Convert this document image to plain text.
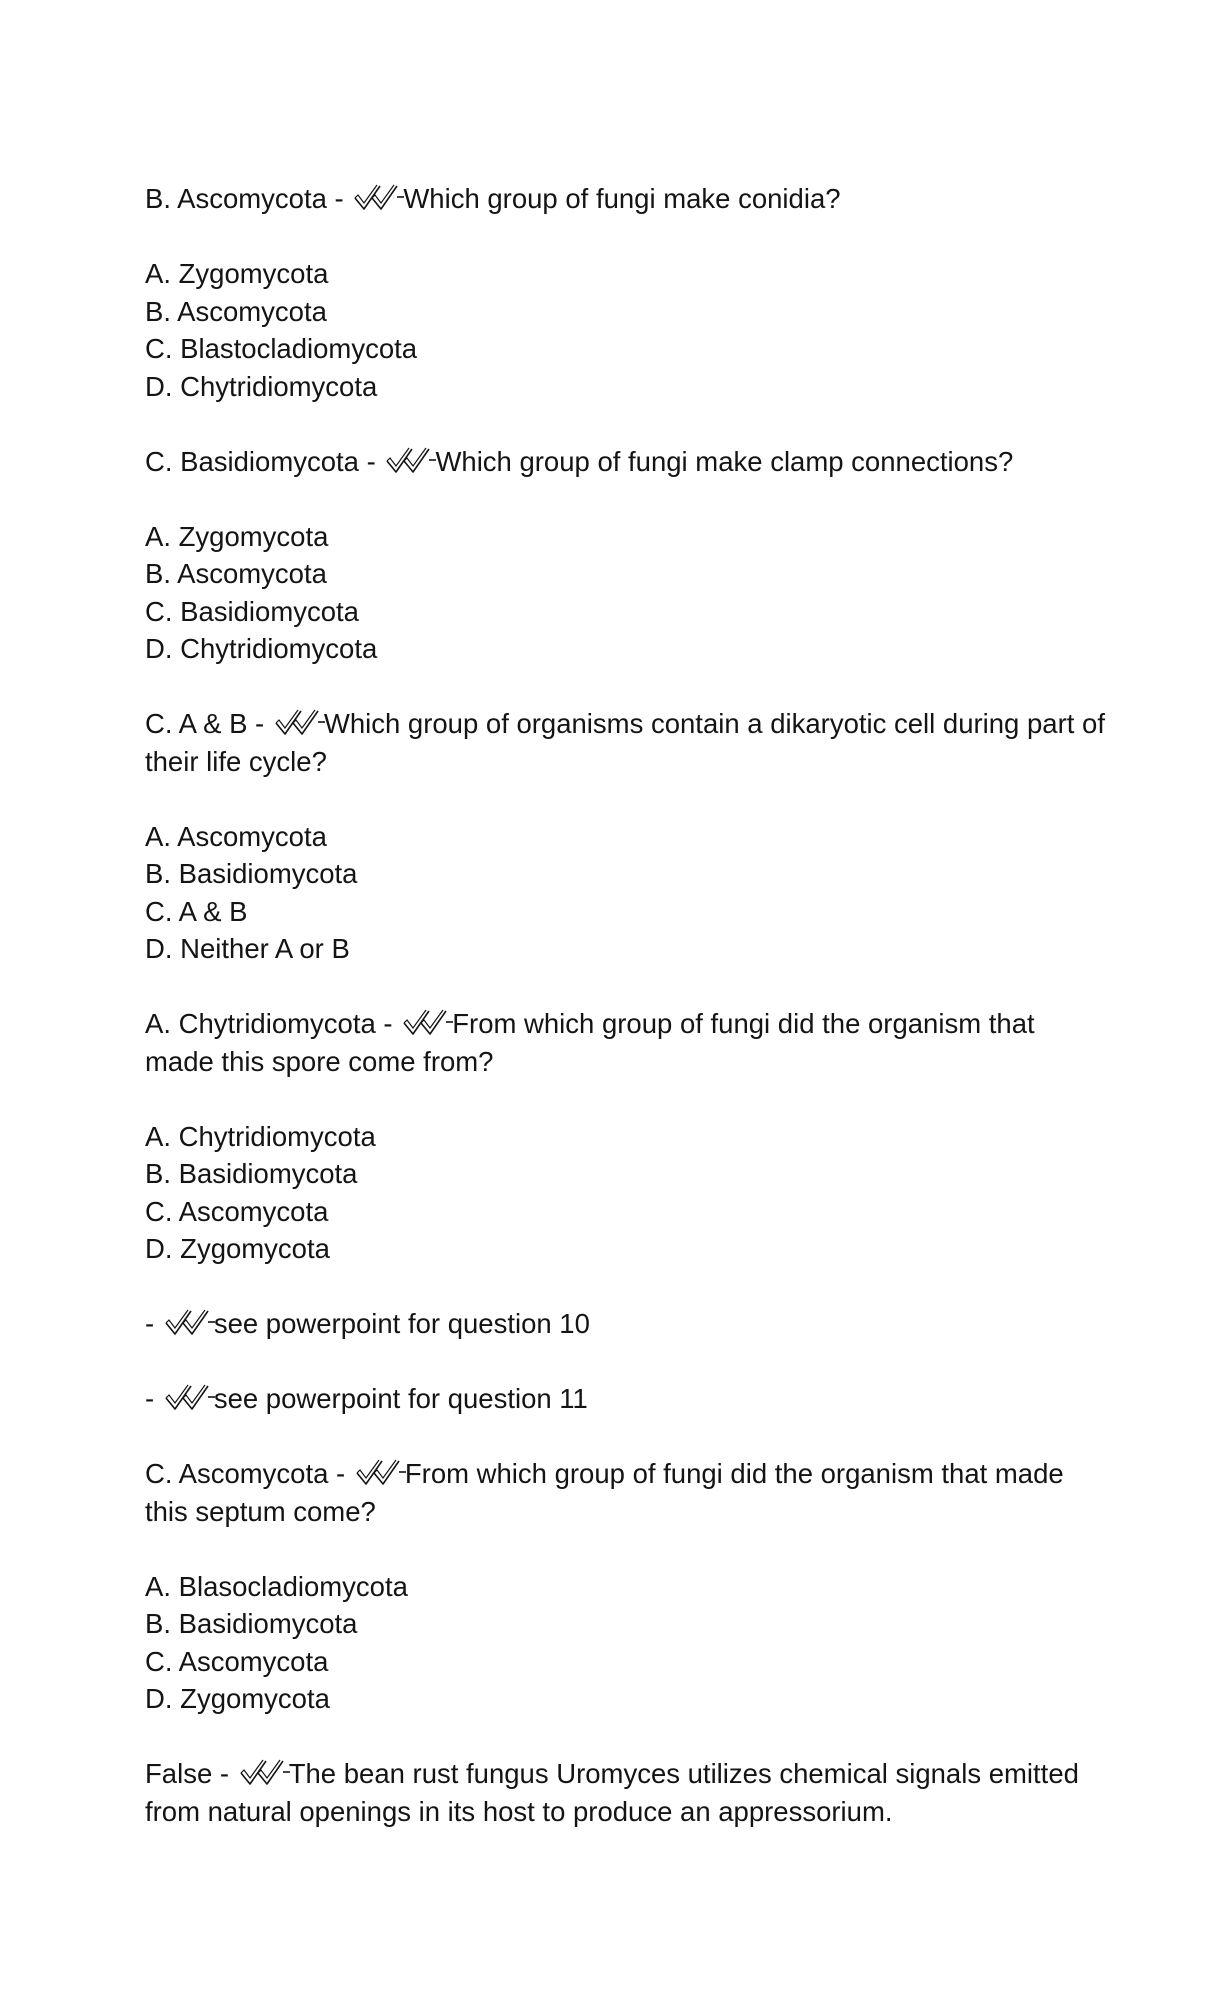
B. Ascomycota -
Which group of fungi make conidia?
A. Zygomycota
B. Ascomycota
C. Blastocladiomycota
D. Chytridiomycota
C. Basidiomycota -
Which group of fungi make clamp connections?
A. Zygomycota
B. Ascomycota
C. Basidiomycota
D. Chytridiomycota
C. A & B -
Which group of organisms contain a dikaryotic cell during part of their life cycle?
A. Ascomycota
B. Basidiomycota
C. A & B
D. Neither A or B
A. Chytridiomycota -
From which group of fungi did the organism that made this spore come from?
A. Chytridiomycota
B. Basidiomycota
C. Ascomycota
D. Zygomycota
-
see powerpoint for question 10
-
see powerpoint for question 11
C. Ascomycota -
From which group of fungi did the organism that made this septum come?
A. Blasocladiomycota
B. Basidiomycota
C. Ascomycota
D. Zygomycota
False -
The bean rust fungus Uromyces utilizes chemical signals emitted from natural openings in its host to produce an appressorium.
